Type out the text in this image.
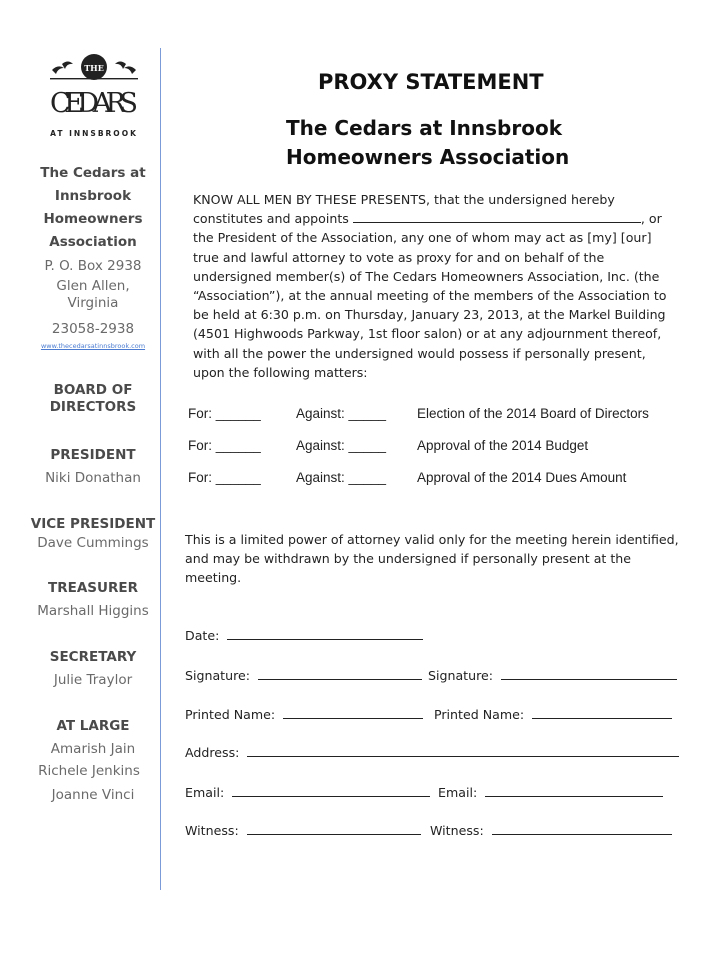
THE
CEDARS
AT INNSBROOK
The Cedars at
Innsbrook
Homeowners
Association
P. O. Box 2938
Glen Allen,
Virginia
23058-2938
www.thecedarsatinnsbrook.com
BOARD OF
DIRECTORS
PRESIDENT
Niki Donathan
VICE PRESIDENT
Dave Cummings
TREASURER
Marshall Higgins
SECRETARY
Julie Traylor
AT LARGE
Amarish Jain
Richele Jenkins
Joanne Vinci
PROXY STATEMENT
The Cedars at Innsbrook
Homeowners Association
KNOW ALL MEN BY THESE PRESENTS, that the undersigned hereby constitutes and appoints	, or the President of the Association, any one of whom may act as [my] [our] true and lawful attorney to vote as proxy for and on behalf of the undersigned member(s) of The Cedars Homeowners Association, Inc. (the “Association”), at the annual meeting of the members of the Association to be held at 6:30 p.m. on Thursday, January 23, 2013, at the Markel Building (4501 Highwoods Parkway, 1st floor salon) or at any adjournment thereof, with all the power the undersigned would possess if personally present, upon the following matters:
For: ______	Against: _____ Election of the 2014 Board of Directors
For: ______	Against: _____ Approval of the 2014 Budget
For: ______	Against: _____ Approval of the 2014 Dues Amount
This is a limited power of attorney valid only for the meeting herein identified, and may be withdrawn by the undersigned if personally present at the meeting.
Date:
Signature:	Signature:
Printed Name:	Printed Name:
Address:
Email:	Email:
Witness:	Witness:
